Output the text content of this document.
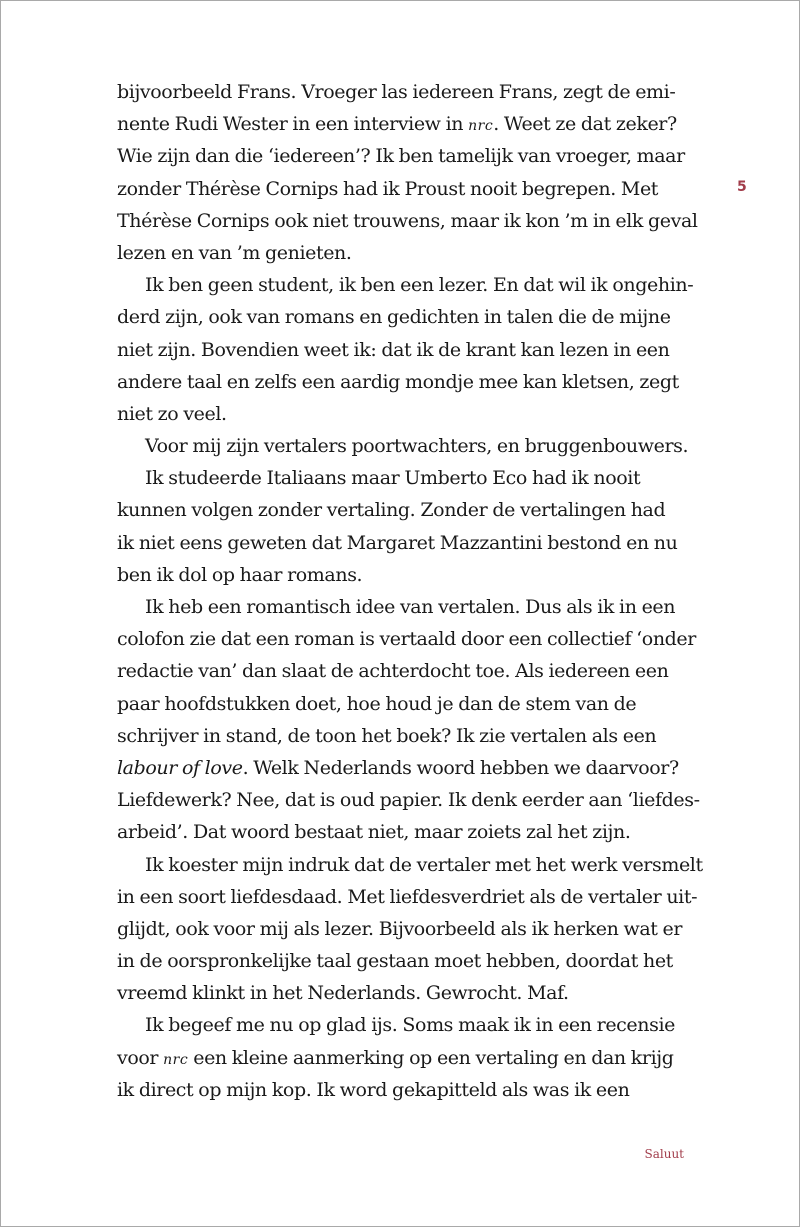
bijvoorbeeld Frans. Vroeger las iedereen Frans, zegt de emi-
nente Rudi Wester in een interview in nrc. Weet ze dat zeker?
Wie zijn dan die ‘iedereen’? Ik ben tamelijk van vroeger, maar
zonder Thérèse Cornips had ik Proust nooit begrepen. Met
Thérèse Cornips ook niet trouwens, maar ik kon ’m in elk geval
lezen en van ’m genieten.
Ik ben geen student, ik ben een lezer. En dat wil ik ongehin-
derd zijn, ook van romans en gedichten in talen die de mijne
niet zijn. Bovendien weet ik: dat ik de krant kan lezen in een
andere taal en zelfs een aardig mondje mee kan kletsen, zegt
niet zo veel.
Voor mij zijn vertalers poortwachters, en bruggenbouwers.
Ik studeerde Italiaans maar Umberto Eco had ik nooit
kunnen volgen zonder vertaling. Zonder de vertalingen had
ik niet eens geweten dat Margaret Mazzantini bestond en nu
ben ik dol op haar romans.
Ik heb een romantisch idee van vertalen. Dus als ik in een
colofon zie dat een roman is vertaald door een collectief ‘onder
redactie van’ dan slaat de achterdocht toe. Als iedereen een
paar hoofdstukken doet, hoe houd je dan de stem van de
schrijver in stand, de toon het boek? Ik zie vertalen als een
labour of love. Welk Nederlands woord hebben we daarvoor?
Liefdewerk? Nee, dat is oud papier. Ik denk eerder aan ‘liefdes-
arbeid’. Dat woord bestaat niet, maar zoiets zal het zijn.
Ik koester mijn indruk dat de vertaler met het werk versmelt
in een soort liefdesdaad. Met liefdesverdriet als de vertaler uit-
glijdt, ook voor mij als lezer. Bijvoorbeeld als ik herken wat er
in de oorspronkelijke taal gestaan moet hebben, doordat het
vreemd klinkt in het Nederlands. Gewrocht. Maf.
Ik begeef me nu op glad ijs. Soms maak ik in een recensie
voor nrc een kleine aanmerking op een vertaling en dan krijg
ik direct op mijn kop. Ik word gekapitteld als was ik een
5
Saluut
